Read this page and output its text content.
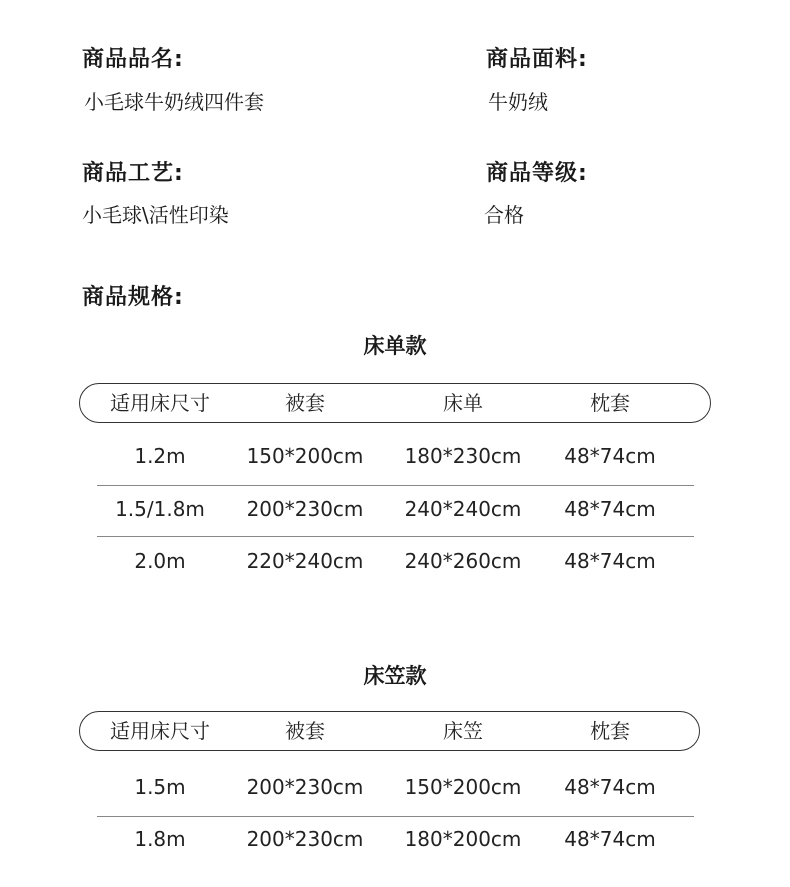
商品品名:
小毛球牛奶绒四件套
商品面料:
牛奶绒
商品工艺:
小毛球\活性印染
商品等级:
合格
商品规格:
床单款
适用床尺寸	被套	床单	枕套
1.2m	150*200cm	180*230cm	48*74cm
1.5/1.8m	200*230cm	240*240cm	48*74cm
2.0m	220*240cm	240*260cm	48*74cm
床笠款
适用床尺寸	被套	床笠	枕套
1.5m	200*230cm	150*200cm	48*74cm
1.8m	200*230cm	180*200cm	48*74cm
